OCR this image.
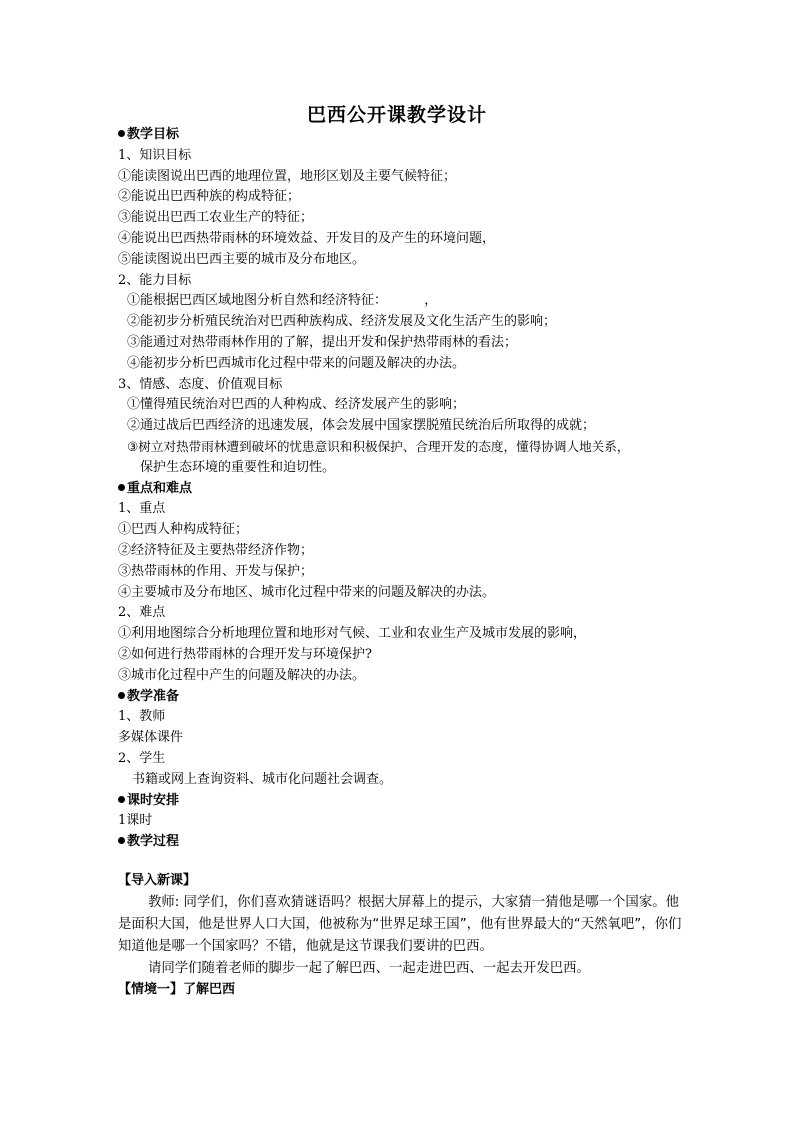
巴西公开课教学设计
教学目标
1、知识目标
①能读图说出巴西的地理位置，地形区划及主要气候特征；
②能说出巴西种族的构成特征；
③能说出巴西工农业生产的特征；
④能说出巴西热带雨林的环境效益、开发目的及产生的环境问题，
⑤能读图说出巴西主要的城市及分布地区。
2、能力目标
①能根据巴西区域地图分析自然和经济特征：         ，
②能初步分析殖民统治对巴西种族构成、经济发展及文化生活产生的影响；
③能通过对热带雨林作用的了解，提出开发和保护热带雨林的看法；
④能初步分析巴西城市化过程中带来的问题及解决的办法。
3、情感、态度、价值观目标
①懂得殖民统治对巴西的人种构成、经济发展产生的影响；
②通过战后巴西经济的迅速发展，体会发展中国家摆脱殖民统治后所取得的成就；
③树立对热带雨林遭到破坏的忧患意识和积极保护、合理开发的态度，懂得协调人地关系，
保护生态环境的重要性和迫切性。
重点和难点
1、重点
①巴西人种构成特征；
②经济特征及主要热带经济作物；
③热带雨林的作用、开发与保护；
④主要城市及分布地区、城市化过程中带来的问题及解决的办法。
2、难点
①利用地图综合分析地理位置和地形对气候、工业和农业生产及城市发展的影响，
②如何进行热带雨林的合理开发与环境保护?
③城市化过程中产生的问题及解决的办法。
教学准备
1、教师
多媒体课件
2、学生
书籍或网上查询资料、城市化问题社会调查。
课时安排
1课时
教学过程
【导入新课】
教师: 同学们，你们喜欢猜谜语吗？根据大屏幕上的提示，大家猜一猜他是哪一个国家。他是面积大国，他是世界人口大国，他被称为“世界足球王国”，他有世界最大的“天然氧吧”，你们知道他是哪一个国家吗？不错，他就是这节课我们要讲的巴西。
请同学们随着老师的脚步一起了解巴西、一起走进巴西、一起去开发巴西。
【情境一】了解巴西
